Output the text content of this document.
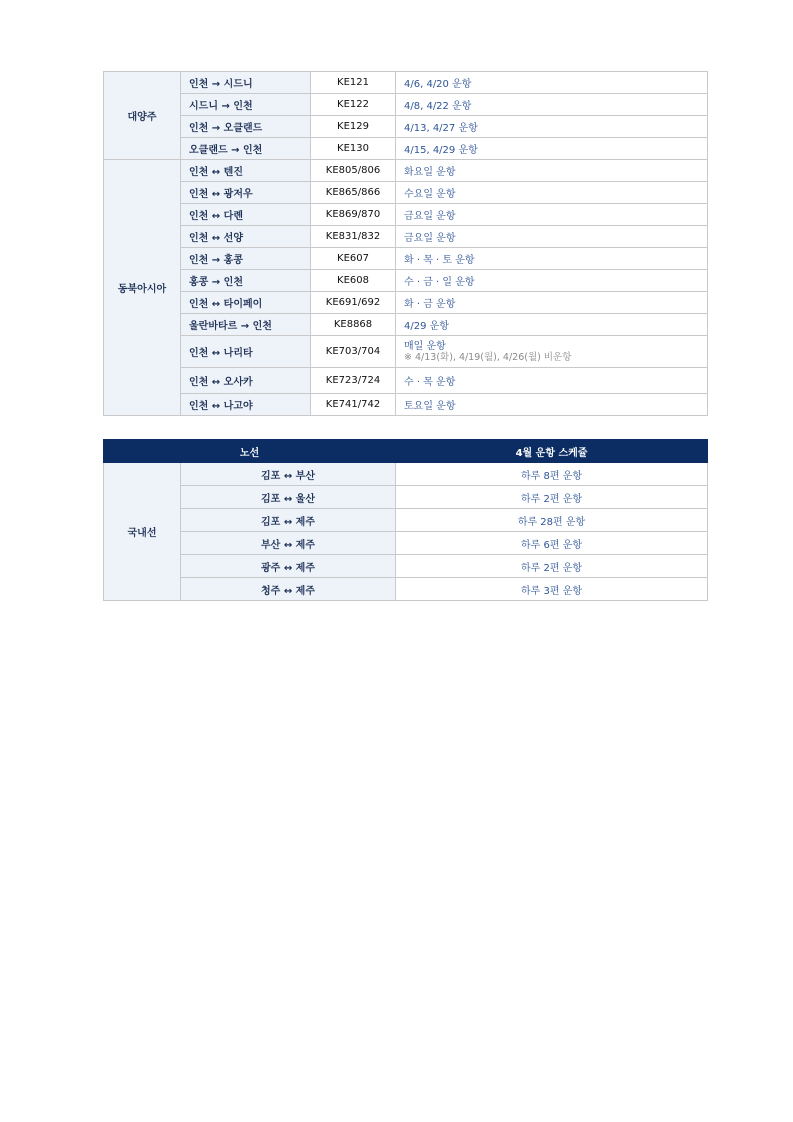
대양주	인천 → 시드니	KE121	4/6, 4/20 운항
	시드니 → 인천	KE122	4/8, 4/22 운항
	인천 → 오클랜드	KE129	4/13, 4/27 운항
	오클랜드 → 인천	KE130	4/15, 4/29 운항
동북아시아	인천 ↔ 텐진	KE805/806	화요일 운항
	인천 ↔ 광저우	KE865/866	수요일 운항
	인천 ↔ 다롄	KE869/870	금요일 운항
	인천 ↔ 선양	KE831/832	금요일 운항
	인천 → 홍콩	KE607	화 · 목 · 토 운항
	홍콩 → 인천	KE608	수 · 금 · 일 운항
	인천 ↔ 타이페이	KE691/692	화 · 금 운항
	울란바타르 → 인천	KE8868	4/29 운항
	인천 ↔ 나리타	KE703/704	매일 운항
※ 4/13(화), 4/19(월), 4/26(월) 비운항

	인천 ↔ 오사카	KE723/724	수 · 목 운항
	인천 ↔ 나고야	KE741/742	토요일 운항
노선		4월 운항 스케쥴
국내선	김포 ↔ 부산	하루 8편 운항
	김포 ↔ 울산	하루 2편 운항
	김포 ↔ 제주	하루 28편 운항
	부산 ↔ 제주	하루 6편 운항
	광주 ↔ 제주	하루 2편 운항
	청주 ↔ 제주	하루 3편 운항
